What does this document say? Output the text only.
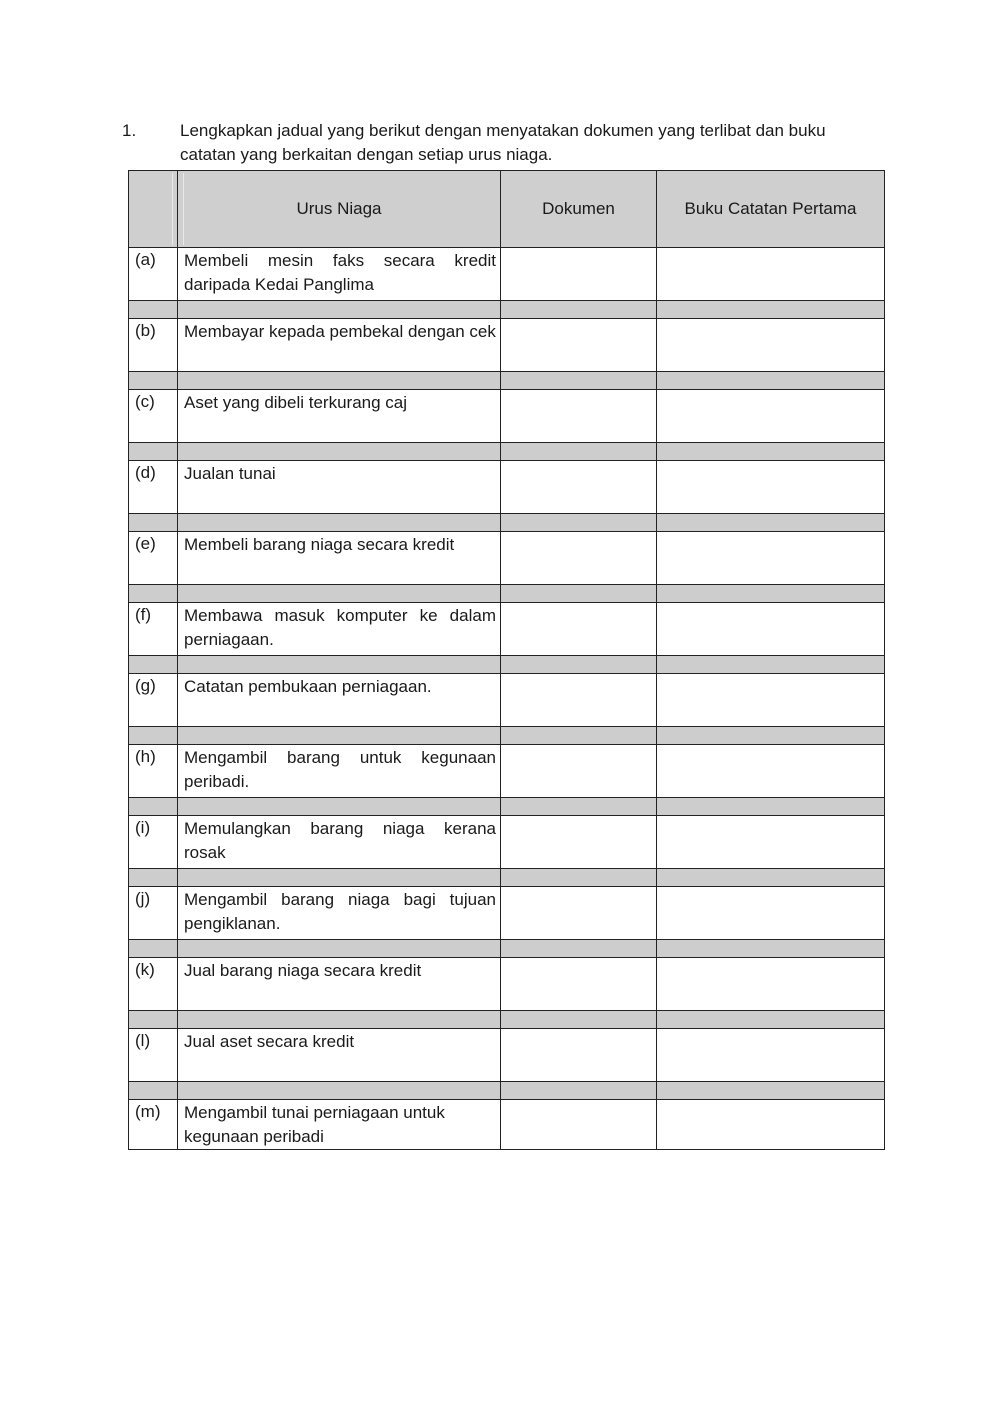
1.	Lengkapkan jadual yang berikut dengan menyatakan dokumen yang terlibat dan buku catatan yang berkaitan dengan setiap urus niaga.
	Urus Niaga	Dokumen	Buku Catatan Pertama
(a)	Membeli mesin faks secara kredit daripada Kedai Panglima		

(b)	Membayar kepada pembekal dengan cek		

(c)	Aset yang dibeli terkurang caj		

(d)	Jualan tunai		

(e)	Membeli barang niaga secara kredit		

(f)	Membawa masuk komputer ke dalam perniagaan.		

(g)	Catatan pembukaan perniagaan.		

(h)	Mengambil barang untuk kegunaan peribadi.		

(i)	Memulangkan barang niaga kerana rosak		

(j)	Mengambil barang niaga bagi tujuan pengiklanan.		

(k)	Jual barang niaga secara kredit		

(l)	Jual aset secara kredit		

(m)	Mengambil tunai perniagaan untuk kegunaan peribadi		
